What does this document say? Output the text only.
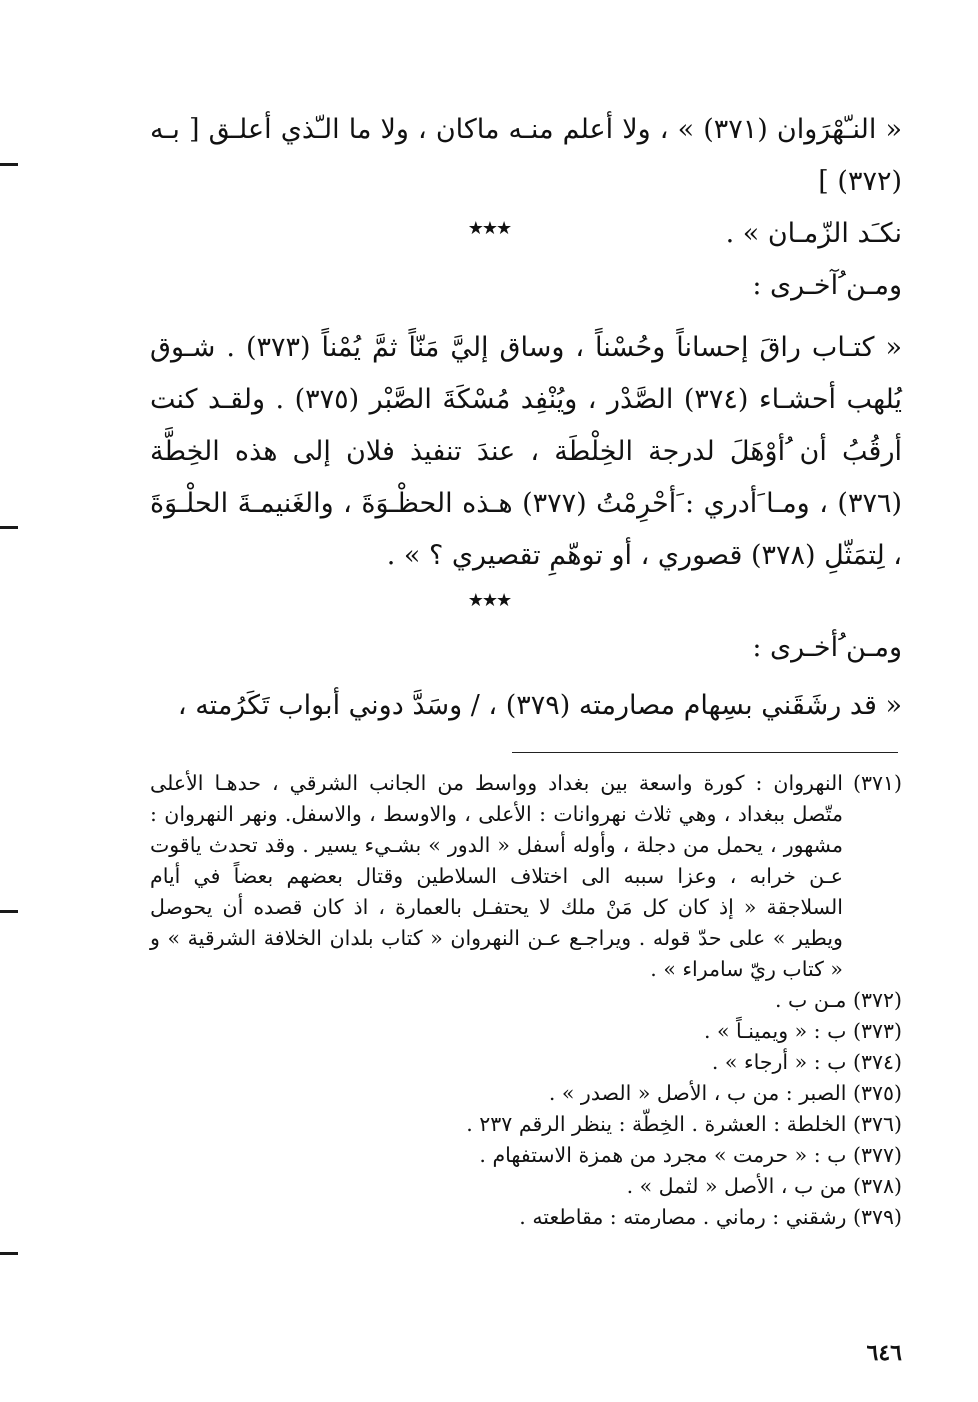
« النـّهْرَوان (٣٧١) » ، ولا أعلم منـه ماكان ، ولا ما الـّذي أعلـق [ بـه (٣٧٢) ]

نكـَد الزّمـان » .

★★★
ومـن ُآخـرى :

« كتـاب راقَ إحساناً وحُسْناً ، وساق إليَّ مَنّاً ثمَّ يُمْناً (٣٧٣) . شـوق يُلهب أحشـاء (٣٧٤) الصَّدْر ، ويُنْفِد مُسْكَةَ الصَّبْر (٣٧٥) . ولقـد كنت أرقُبُ أن ُأوْهَلَ لدرجة الخِلْطَة ، عندَ تنفيذ فلان إلى هذه الخِطَّة (٣٧٦) ، ومـا َأدري : َأحْرِمْتُ (٣٧٧) هـذه الحظْـوَةَ ، والغَنيمـةَ الحلْـوَةَ ، لِتمَثّلِ (٣٧٨) قصوري ، أو توهّمِ تقصيري ؟ » .

★★★
ومـن ُأخـرى :

« قد رشَقَني بسِهام مصارمته (٣٧٩) ، / وسَدَّ دوني أبواب تَكَرُمته ،

(٣٧١)
النهروان : كورة واسعة بين بغداد وواسط من الجانب الشرقي ، حدهـا الأعلى متّصل ببغداد ، وهي ثلاث نهروانات : الأعلى ، والاوسط ، والاسفل. ونهر النهروان : مشهور ، يحمل من دجلة ، وأوله أسفل « الدور » بشـيء يسير . وقد تحدث ياقوت عـن خرابه ، وعزا سببه الى اختلاف السلاطين وقتال بعضهم بعضاً في أيام السلاجقة « إذ كان كل مَنْ ملك لا يحتفـل بالعمارة ، اذ كان قصده أن يحوصل ويطير » على حدّ قوله . ويراجـع عـن النهروان « كتاب بلدان الخلافة الشرقية » و « كتاب ريّ سامراء » .
(٣٧٢) مـن ب .
(٣٧٣) ب : « ويمينـاً » .
(٣٧٤) ب : « أرجاء » .
(٣٧٥) الصبر : من ب ، الأصل « الصدر » .
(٣٧٦) الخلطة : العشرة . الخِطّة : ينظر الرقم ٢٣٧ .
(٣٧٧) ب : « حرمت » مجرد من همزة الاستفهام .
(٣٧٨) من ب ، الأصل « لثمل » .
(٣٧٩) رشقني : رماني . مصارمته : مقاطعته .
٦٤٦
